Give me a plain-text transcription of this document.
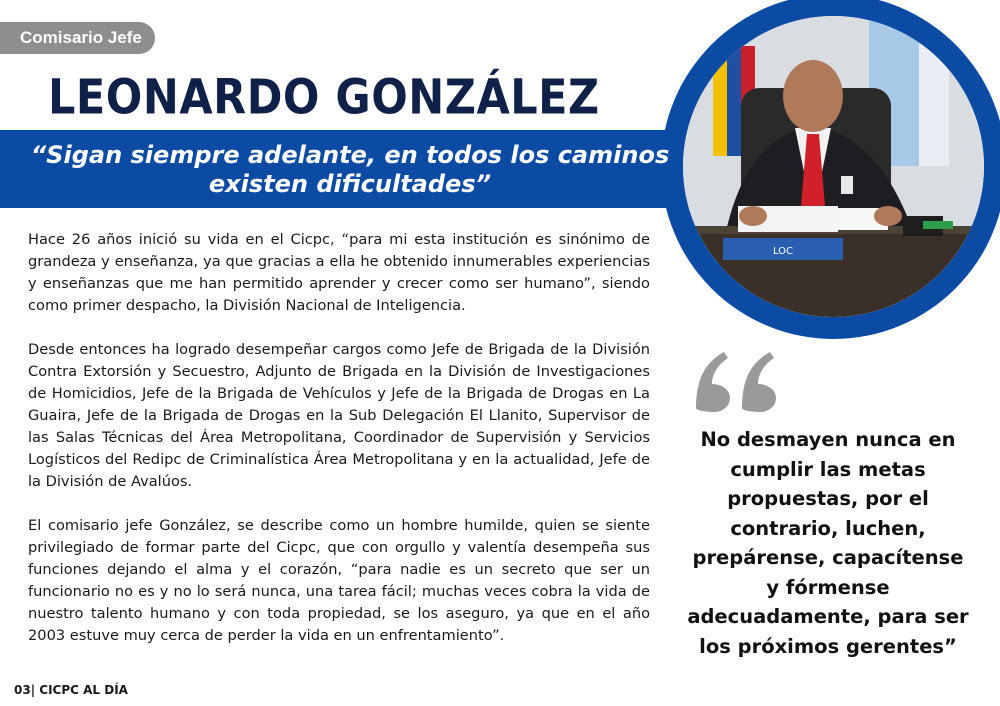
Comisario Jefe
LEONARDO GONZÁLEZ
“Sigan siempre adelante, en todos los caminos
existen dificultades”
LOC

Hace 26 años inició su vida en el Cicpc, “para mi esta institución es sinónimo de grandeza y enseñanza, ya que gracias a ella he obtenido innumerables experiencias y enseñanzas que me han permitido aprender y crecer como ser humano”, siendo como primer despacho, la División Nacional de Inteligencia.

Desde entonces ha logrado desempeñar cargos como Jefe de Brigada de la División Contra Extorsión y Secuestro, Adjunto de Brigada en la División de Investigaciones de Homicidios, Jefe de la Brigada de Vehículos y Jefe de la Brigada de Drogas en La Guaira, Jefe de la Brigada de Drogas en la Sub Delegación El Llanito, Supervisor de las Salas Técnicas del Área Metropolitana, Coordinador de Supervisión y Servicios Logísticos del Redipc de Criminalística Área Metropolitana y en la actualidad, Jefe de la División de Avalúos.

El comisario jefe González, se describe como un hombre humilde, quien se siente privilegiado de formar parte del Cicpc, que con orgullo y valentía desempeña sus funciones dejando el alma y el corazón, “para nadie es un secreto que ser un funcionario no es y no lo será nunca, una tarea fácil; muchas veces cobra la vida de nuestro talento humano y con toda propiedad, se los aseguro, ya que en el año 2003 estuve muy cerca de perder la vida en un enfrentamiento”.

No desmayen nunca en cumplir las metas propuestas, por el contrario, luchen, prepárense, capacítense y fórmense adecuadamente, para ser los próximos gerentes”
03| CICPC AL DÍA
